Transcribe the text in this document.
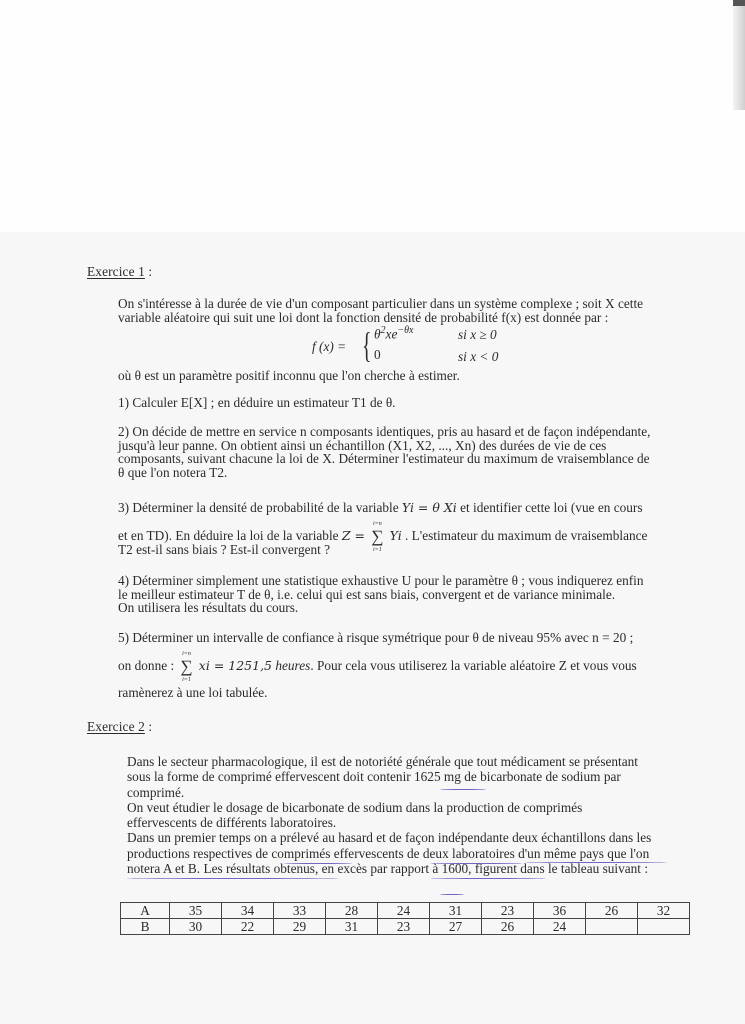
Exercice 1 :
On s'intéresse à la durée de vie d'un composant particulier dans un système complexe ; soit X cette
variable aléatoire qui suit une loi dont la fonction densité de probabilité f(x) est donnée par :
f (x) = { $\theta^2xe^{-\theta x}$	si x ≥ 0
0	si x < 0
où θ est un paramètre positif inconnu que l'on cherche à estimer.
1) Calculer E[X] ; en déduire un estimateur T1 de θ.
2) On décide de mettre en service n composants identiques, pris au hasard et de façon indépendante,
jusqu'à leur panne. On obtient ainsi un échantillon (X1, X2, ..., Xn) des durées de vie de ces
composants, suivant chacune la loi de X. Déterminer l'estimateur du maximum de vraisemblance de
θ que l'on notera T2.
3) Déterminer la densité de probabilité de la variable Yi = θ Xi et identifier cette loi (vue en cours
et en TD). En déduire la loi de la variable Z = ∑
i=n
i=1
Yi . L'estimateur du maximum de vraisemblance
T2 est-il sans biais ? Est-il convergent ?
4) Déterminer simplement une statistique exhaustive U pour le paramètre θ ; vous indiquerez enfin
le meilleur estimateur T de θ, i.e. celui qui est sans biais, convergent et de variance minimale.
On utilisera les résultats du cours.
5) Déterminer un intervalle de confiance à risque symétrique pour θ de niveau 95% avec n = 20 ;
on donne : ∑
i=n
i=1
xi = 1251,5 heures. Pour cela vous utiliserez la variable aléatoire Z et vous vous
ramènerez à une loi tabulée.
Exercice 2 :
Dans le secteur pharmacologique, il est de notoriété générale que tout médicament se présentant
sous la forme de comprimé effervescent doit contenir 1625 mg de bicarbonate de sodium par
comprimé.
On veut étudier le dosage de bicarbonate de sodium dans la production de comprimés
effervescents de différents laboratoires.
Dans un premier temps on a prélevé au hasard et de façon indépendante deux échantillons dans les
productions respectives de comprimés effervescents de deux laboratoires d'un même pays que l'on
notera A et B. Les résultats obtenus, en excès par rapport à 1600, figurent dans le tableau suivant :
A	35	34	33	28	24	31	23	36	26	32
B	30	22	29	31	23	27	26	24		
